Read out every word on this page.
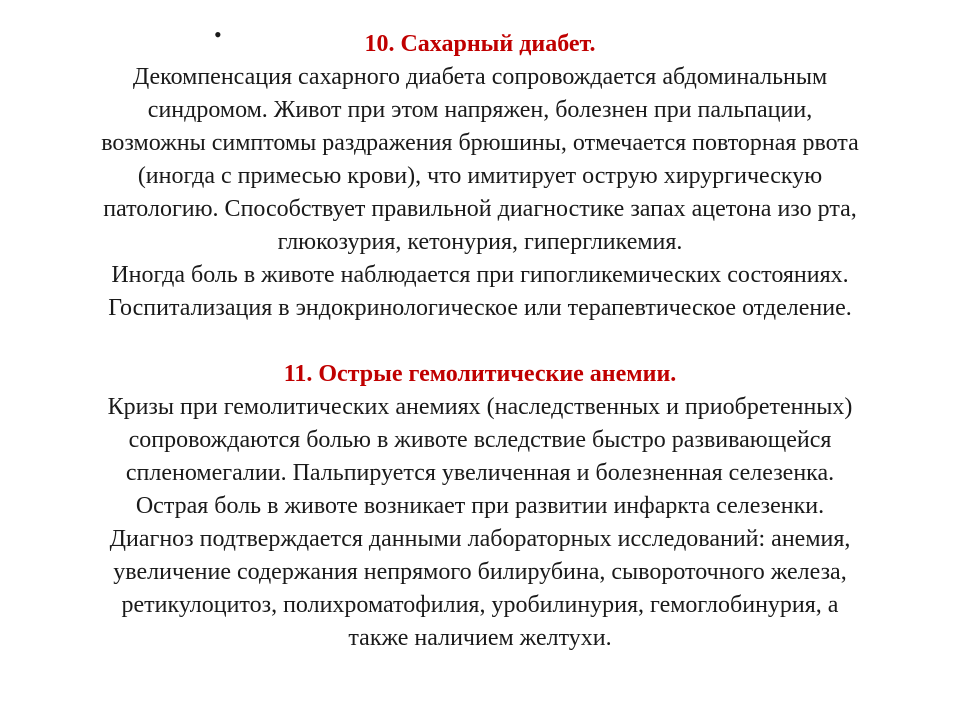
•	10. Сахарный диабет.
Декомпенсация сахарного диабета сопровождается абдоминальным
синдромом. Живот при этом напряжен, болезнен при пальпации,
возможны симптомы раздражения брюшины, отмечается повторная рвота
(иногда с примесью крови), что имитирует острую хирургическую
патологию. Способствует правильной диагностике запах ацетона изо рта,
глюкозурия, кетонурия, гипергликемия.
Иногда боль в животе наблюдается при гипогликемических состояниях.
Госпитализация в эндокринологическое или терапевтическое отделение.
11. Острые гемолитические анемии.
Кризы при гемолитических анемиях (наследственных и приобретенных)
сопровождаются болью в животе вследствие быстро развивающейся
спленомегалии. Пальпируется увеличенная и болезненная селезенка.
Острая боль в животе возникает при развитии инфаркта селезенки.
Диагноз подтверждается данными лабораторных исследований: анемия,
увеличение содержания непрямого билирубина, сывороточного железа,
ретикулоцитоз, полихроматофилия, уробилинурия, гемоглобинурия, а
также наличием желтухи.
